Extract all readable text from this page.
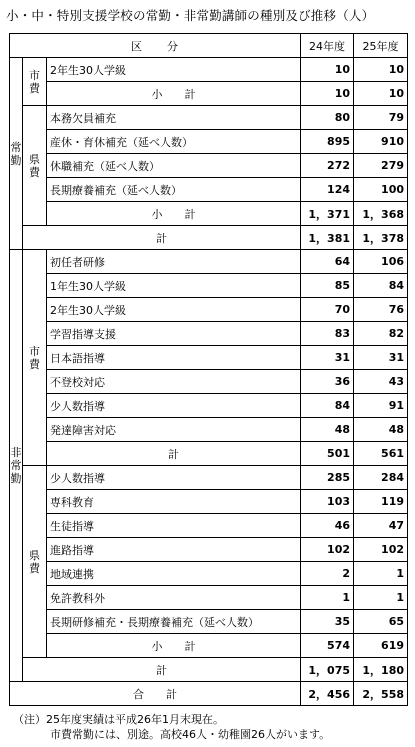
小・中・特別支援学校の常勤・非常勤講師の種別及び推移（人）
区　　分			24年度	25年度

常
勤	市
費	2年生30人学級	10	10
		小　　計	10	10

	県
費	本務欠員補充	80	79
		産休・育休補充（延べ人数）	895	910
		休職補充（延べ人数）	272	279
		長期療養補充（延べ人数）	124	100
		小　　計	1，371	1，368
	計		1，381	1，378

非
常
勤	市
費	初任者研修	64	106
		1年生30人学級	85	84
		2年生30人学級	70	76
		学習指導支援	83	82
		日本語指導	31	31
		不登校対応	36	43
		少人数指導	84	91
		発達障害対応	48	48
		計	501	561

	県
費	少人数指導	285	284
		専科教育	103	119
		生徒指導	46	47
		進路指導	102	102
		地域連携	2	1
		免許教科外	1	1
		長期研修補充・長期療養補充（延べ人数）	35	65
		小　　計	574	619
	計		1，075	1，180
合　　計			2，456	2，558
（注）25年度実績は平成26年1月末現在。
市費常勤には、別途。高校46人・幼稚園26人がいます。
